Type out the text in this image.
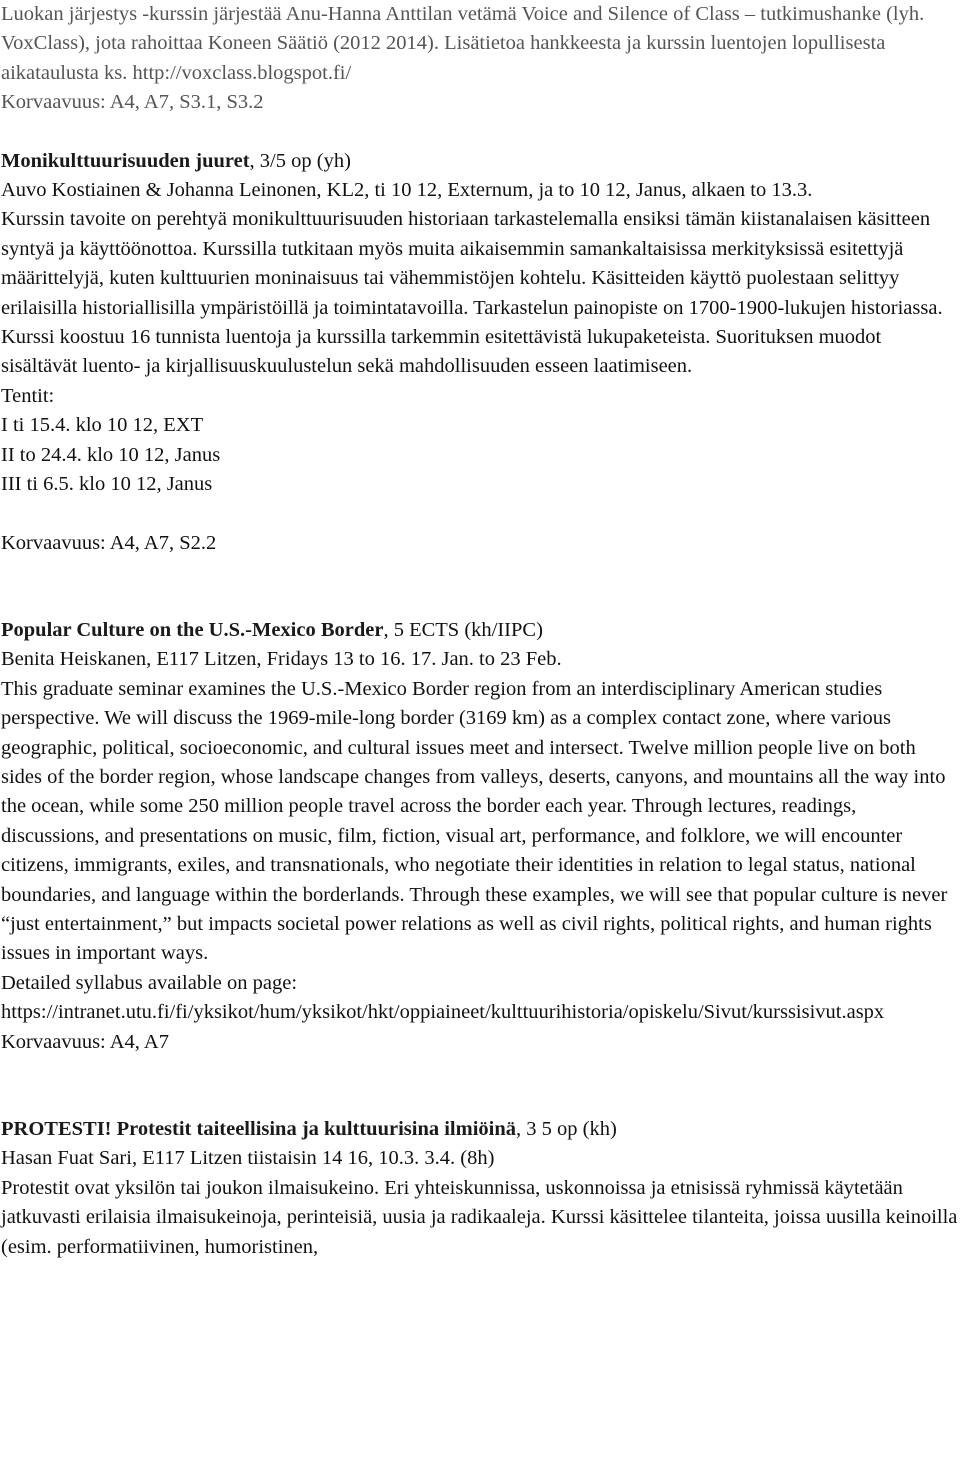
Luokan järjestys -kurssin järjestää Anu-Hanna Anttilan vetämä Voice and Silence of Class – tutkimushanke (lyh. VoxClass), jota rahoittaa Koneen Säätiö (2012 2014). Lisätietoa hankkeesta ja kurssin luentojen lopullisesta aikataulusta ks. http://voxclass.blogspot.fi/

Korvaavuus: A4, A7, S3.1, S3.2

Monikulttuurisuuden juuret, 3/5 op (yh)

Auvo Kostiainen & Johanna Leinonen, KL2, ti 10 12, Externum, ja to 10 12, Janus, alkaen to 13.3.

Kurssin tavoite on perehtyä monikulttuurisuuden historiaan tarkastelemalla ensiksi tämän kiistanalaisen käsitteen syntyä ja käyttöönottoa. Kurssilla tutkitaan myös muita aikaisemmin samankaltaisissa merkityksissä esitettyjä määrittelyjä, kuten kulttuurien moninaisuus tai vähemmistöjen kohtelu. Käsitteiden käyttö puolestaan selittyy erilaisilla historiallisilla ympäristöillä ja toimintatavoilla. Tarkastelun painopiste on 1700-1900-lukujen historiassa. Kurssi koostuu 16 tunnista luentoja ja kurssilla tarkemmin esitettävistä lukupaketeista. Suorituksen muodot sisältävät luento- ja kirjallisuuskuulustelun sekä mahdollisuuden esseen laatimiseen.

Tentit:

I ti 15.4. klo 10 12, EXT

II to 24.4. klo 10 12, Janus

III ti 6.5. klo 10 12, Janus

Korvaavuus: A4, A7, S2.2

Popular Culture on the U.S.-Mexico Border, 5 ECTS (kh/IIPC)

Benita Heiskanen, E117 Litzen, Fridays 13 to 16. 17. Jan. to 23 Feb.

This graduate seminar examines the U.S.-Mexico Border region from an interdisciplinary American studies perspective. We will discuss the 1969-mile-long border (3169 km) as a complex contact zone, where various geographic, political, socioeconomic, and cultural issues meet and intersect. Twelve million people live on both sides of the border region, whose landscape changes from valleys, deserts, canyons, and mountains all the way into the ocean, while some 250 million people travel across the border each year. Through lectures, readings, discussions, and presentations on music, film, fiction, visual art, performance, and folklore, we will encounter citizens, immigrants, exiles, and transnationals, who negotiate their identities in relation to legal status, national boundaries, and language within the borderlands. Through these examples, we will see that popular culture is never “just entertainment,” but impacts societal power relations as well as civil rights, political rights, and human rights issues in important ways.

Detailed syllabus available on page:

https://intranet.utu.fi/fi/yksikot/hum/yksikot/hkt/oppiaineet/kulttuurihistoria/opiskelu/Sivut/kurssisivut.aspx

Korvaavuus: A4, A7

PROTESTI! Protestit taiteellisina ja kulttuurisina ilmiöinä, 3 5 op (kh)

Hasan Fuat Sari, E117 Litzen tiistaisin 14 16, 10.3. 3.4. (8h)

Protestit ovat yksilön tai joukon ilmaisukeino. Eri yhteiskunnissa, uskonnoissa ja etnisissä ryhmissä käytetään jatkuvasti erilaisia ilmaisukeinoja, perinteisiä, uusia ja radikaaleja. Kurssi käsittelee tilanteita, joissa uusilla keinoilla (esim. performatiivinen, humoristinen,
